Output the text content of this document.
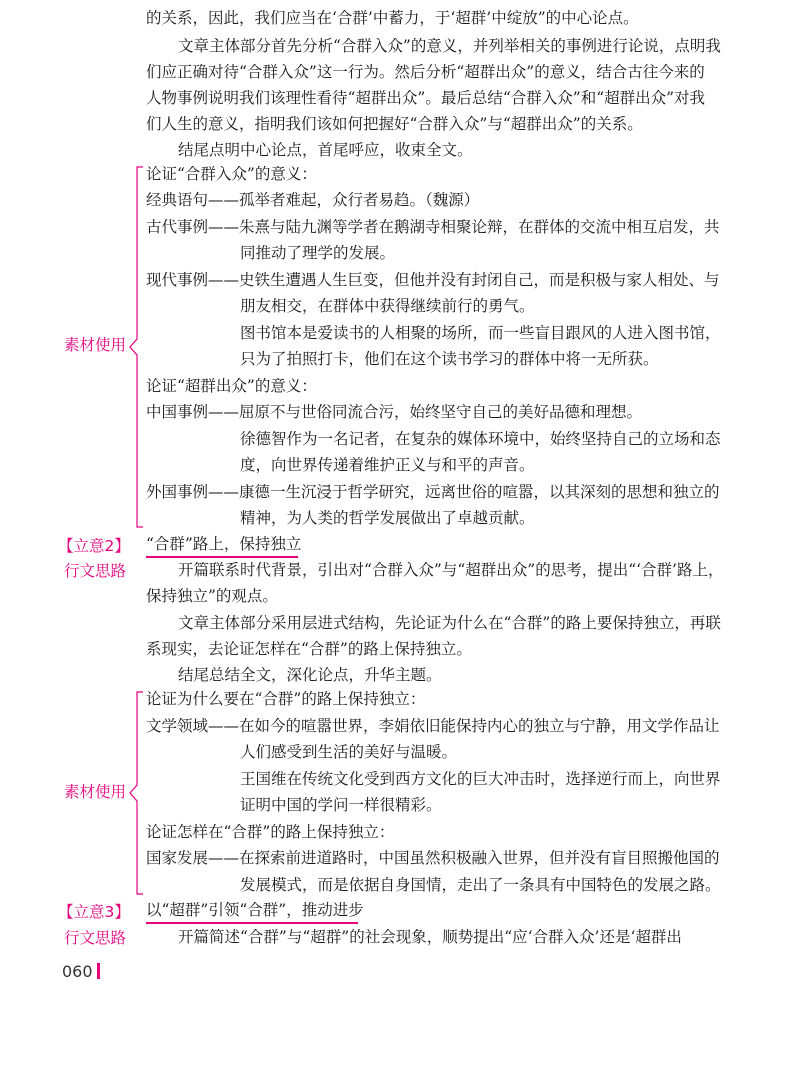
的关系，因此，我们应当在‘合群’中蓄力，于‘超群’中绽放”的中心论点。
文章主体部分首先分析“合群入众”的意义，并列举相关的事例进行论说，点明我
们应正确对待“合群入众”这一行为。然后分析“超群出众”的意义，结合古往今来的
人物事例说明我们该理性看待“超群出众”。最后总结“合群入众”和“超群出众”对我
们人生的意义，指明我们该如何把握好“合群入众”与“超群出众”的关系。
结尾点明中心论点，首尾呼应，收束全文。
素材使用
论证“合群入众”的意义：
经典语句——孤举者难起，众行者易趋。（魏源）
古代事例——朱熹与陆九渊等学者在鹅湖寺相聚论辩，在群体的交流中相互启发，共
同推动了理学的发展。
现代事例——史铁生遭遇人生巨变，但他并没有封闭自己，而是积极与家人相处、与
朋友相交，在群体中获得继续前行的勇气。
图书馆本是爱读书的人相聚的场所，而一些盲目跟风的人进入图书馆，
只为了拍照打卡，他们在这个读书学习的群体中将一无所获。
论证“超群出众”的意义：
中国事例——屈原不与世俗同流合污，始终坚守自己的美好品德和理想。
徐德智作为一名记者，在复杂的媒体环境中，始终坚持自己的立场和态
度，向世界传递着维护正义与和平的声音。
外国事例——康德一生沉浸于哲学研究，远离世俗的喧嚣，以其深刻的思想和独立的
精神，为人类的哲学发展做出了卓越贡献。
【立意2】 “合群”路上，保持独立
行文思路	开篇联系时代背景，引出对“合群入众”与“超群出众”的思考，提出“‘合群’路上，
保持独立”的观点。
文章主体部分采用层进式结构，先论证为什么在“合群”的路上要保持独立，再联
系现实，去论证怎样在“合群”的路上保持独立。
结尾总结全文，深化论点，升华主题。
素材使用
论证为什么要在“合群”的路上保持独立：
文学领域——在如今的喧嚣世界，李娟依旧能保持内心的独立与宁静，用文学作品让
人们感受到生活的美好与温暖。
王国维在传统文化受到西方文化的巨大冲击时，选择逆行而上，向世界
证明中国的学问一样很精彩。
论证怎样在“合群”的路上保持独立：
国家发展——在探索前进道路时，中国虽然积极融入世界，但并没有盲目照搬他国的
发展模式，而是依据自身国情，走出了一条具有中国特色的发展之路。
【立意3】 以“超群”引领“合群”，推动进步
行文思路	开篇简述“合群”与“超群”的社会现象，顺势提出“应‘合群入众’还是‘超群出
060
